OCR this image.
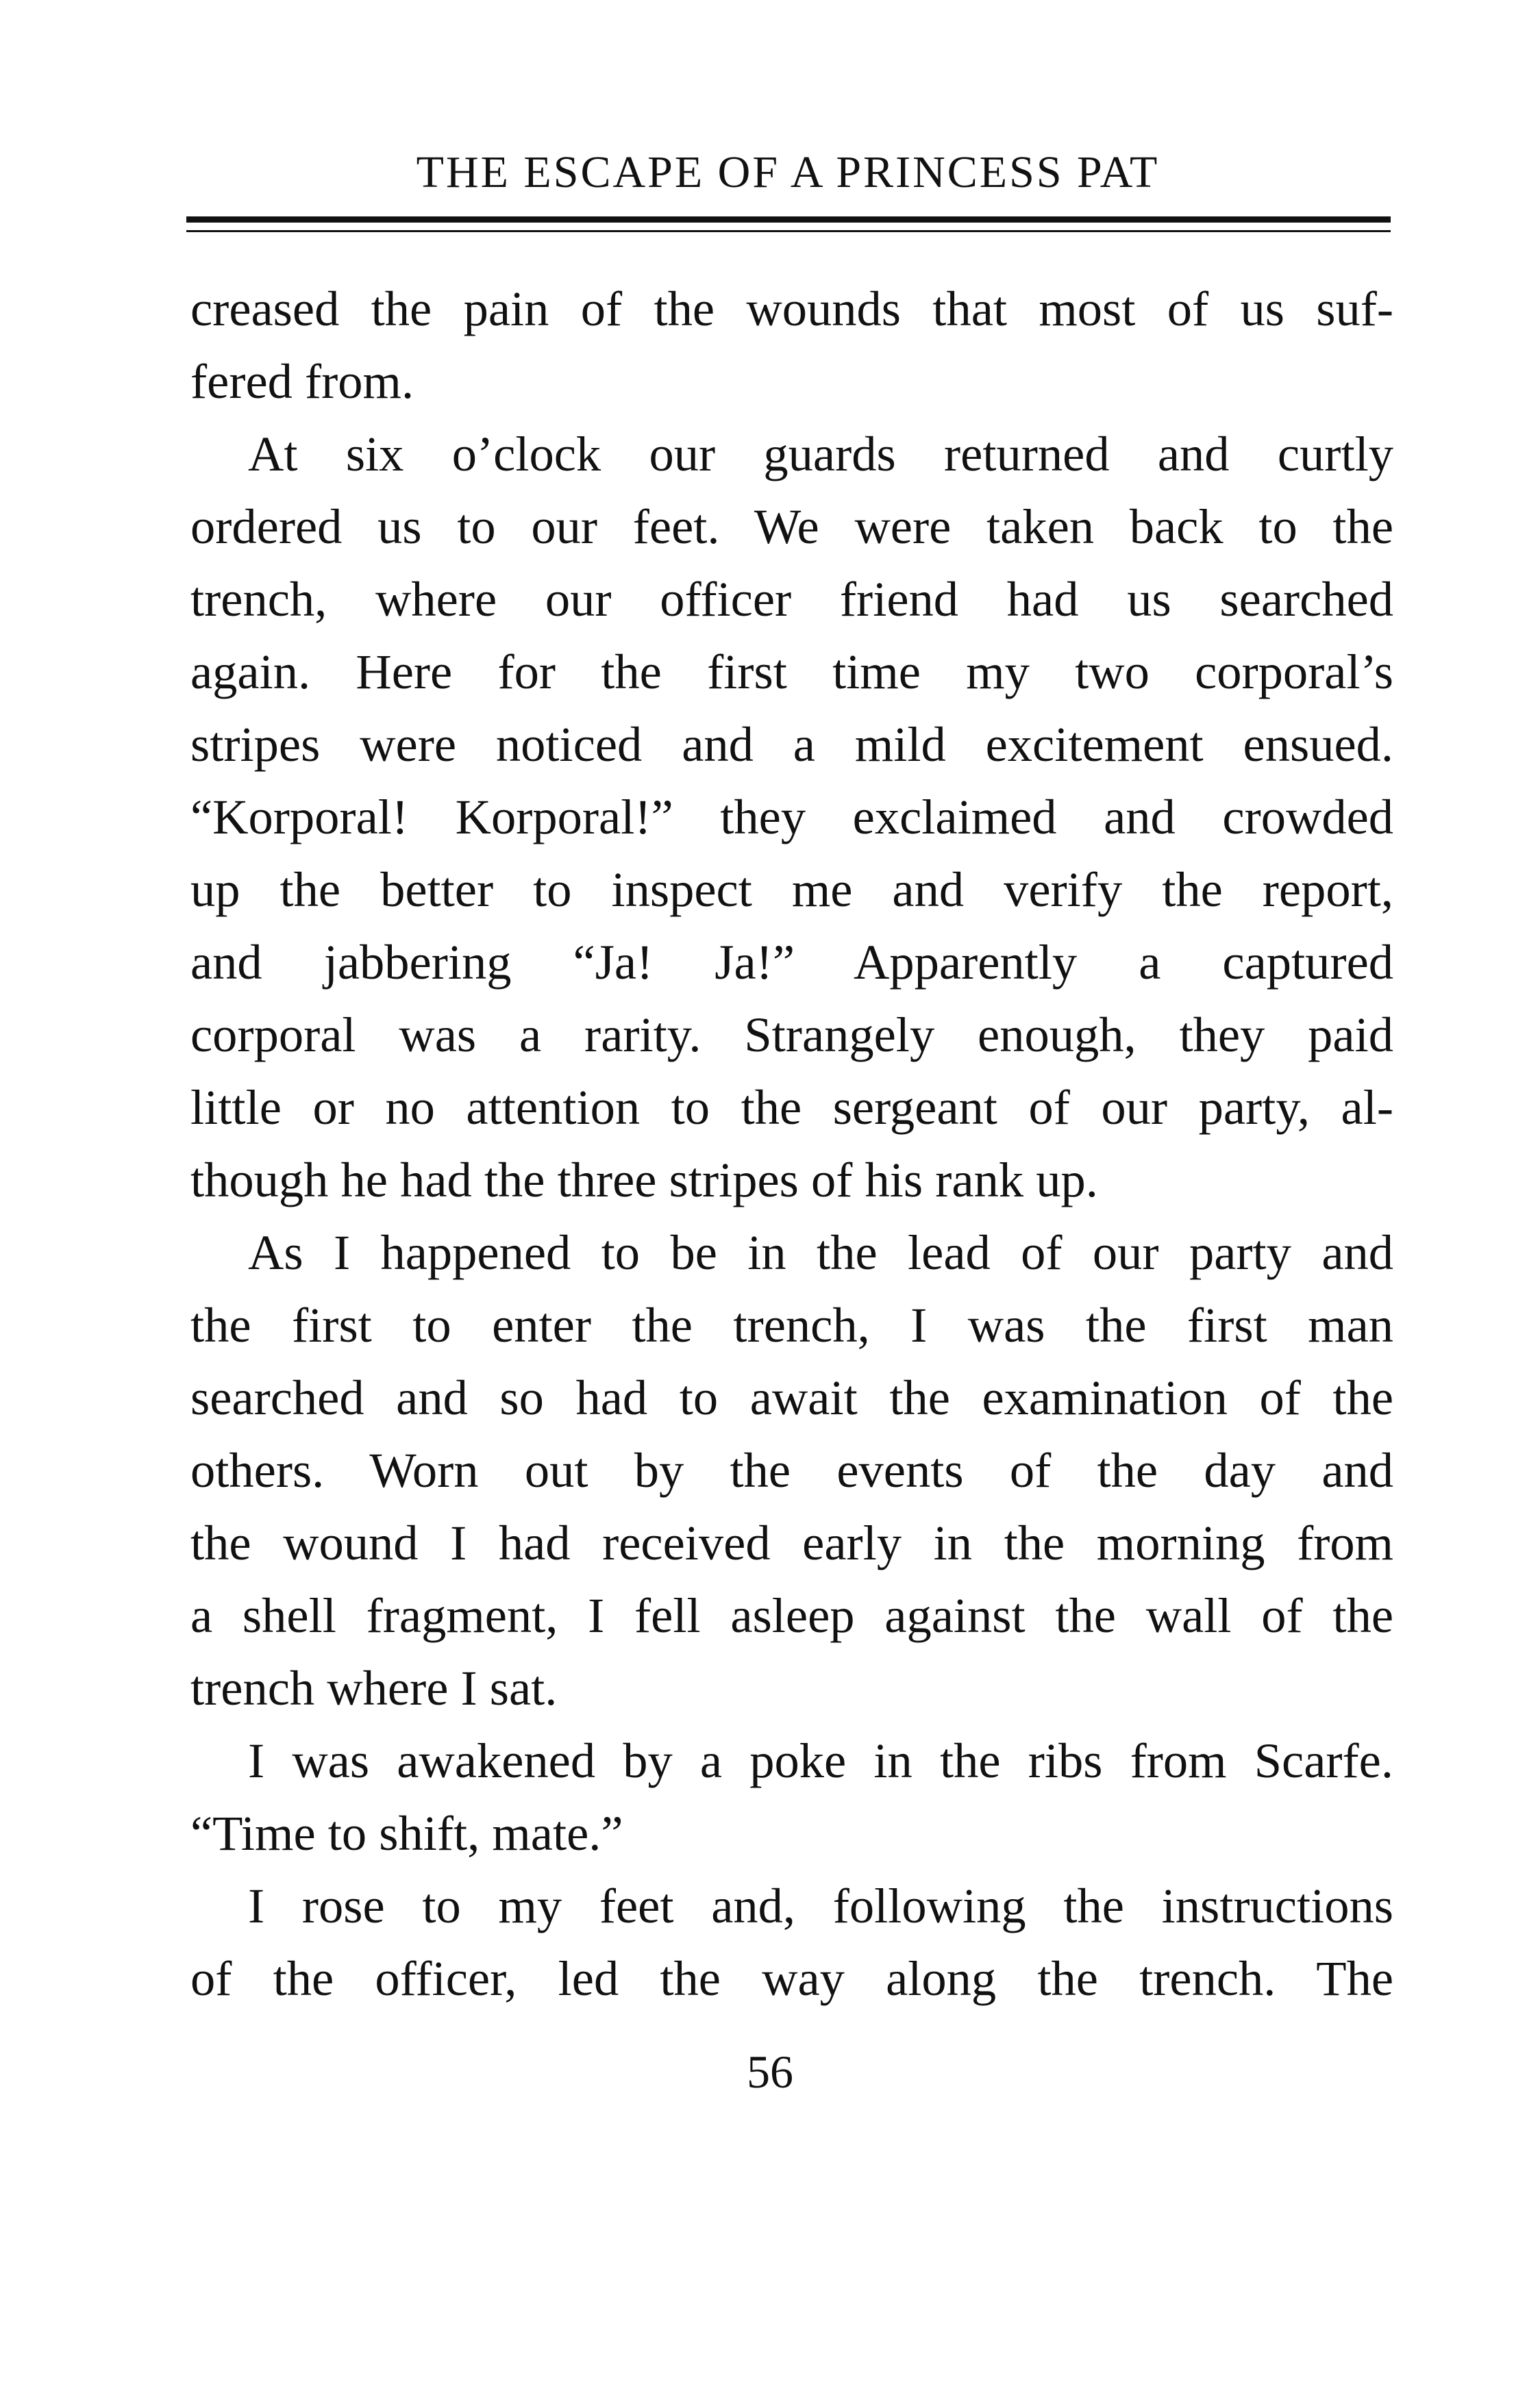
THE ESCAPE OF A PRINCESS PAT
creased the pain of the wounds that most of us suf-
fered from.
At six o’clock our guards returned and curtly
ordered us to our feet. We were taken back to the
trench, where our officer friend had us searched
again. Here for the first time my two corporal’s
stripes were noticed and a mild excitement ensued.
“Korporal! Korporal!” they exclaimed and crowded
up the better to inspect me and verify the report,
and jabbering “Ja! Ja!” Apparently a captured
corporal was a rarity. Strangely enough, they paid
little or no attention to the sergeant of our party, al-
though he had the three stripes of his rank up.
As I happened to be in the lead of our party and
the first to enter the trench, I was the first man
searched and so had to await the examination of the
others. Worn out by the events of the day and
the wound I had received early in the morning from
a shell fragment, I fell asleep against the wall of the
trench where I sat.
I was awakened by a poke in the ribs from Scarfe.
“Time to shift, mate.”
I rose to my feet and, following the instructions
of the officer, led the way along the trench. The
56
